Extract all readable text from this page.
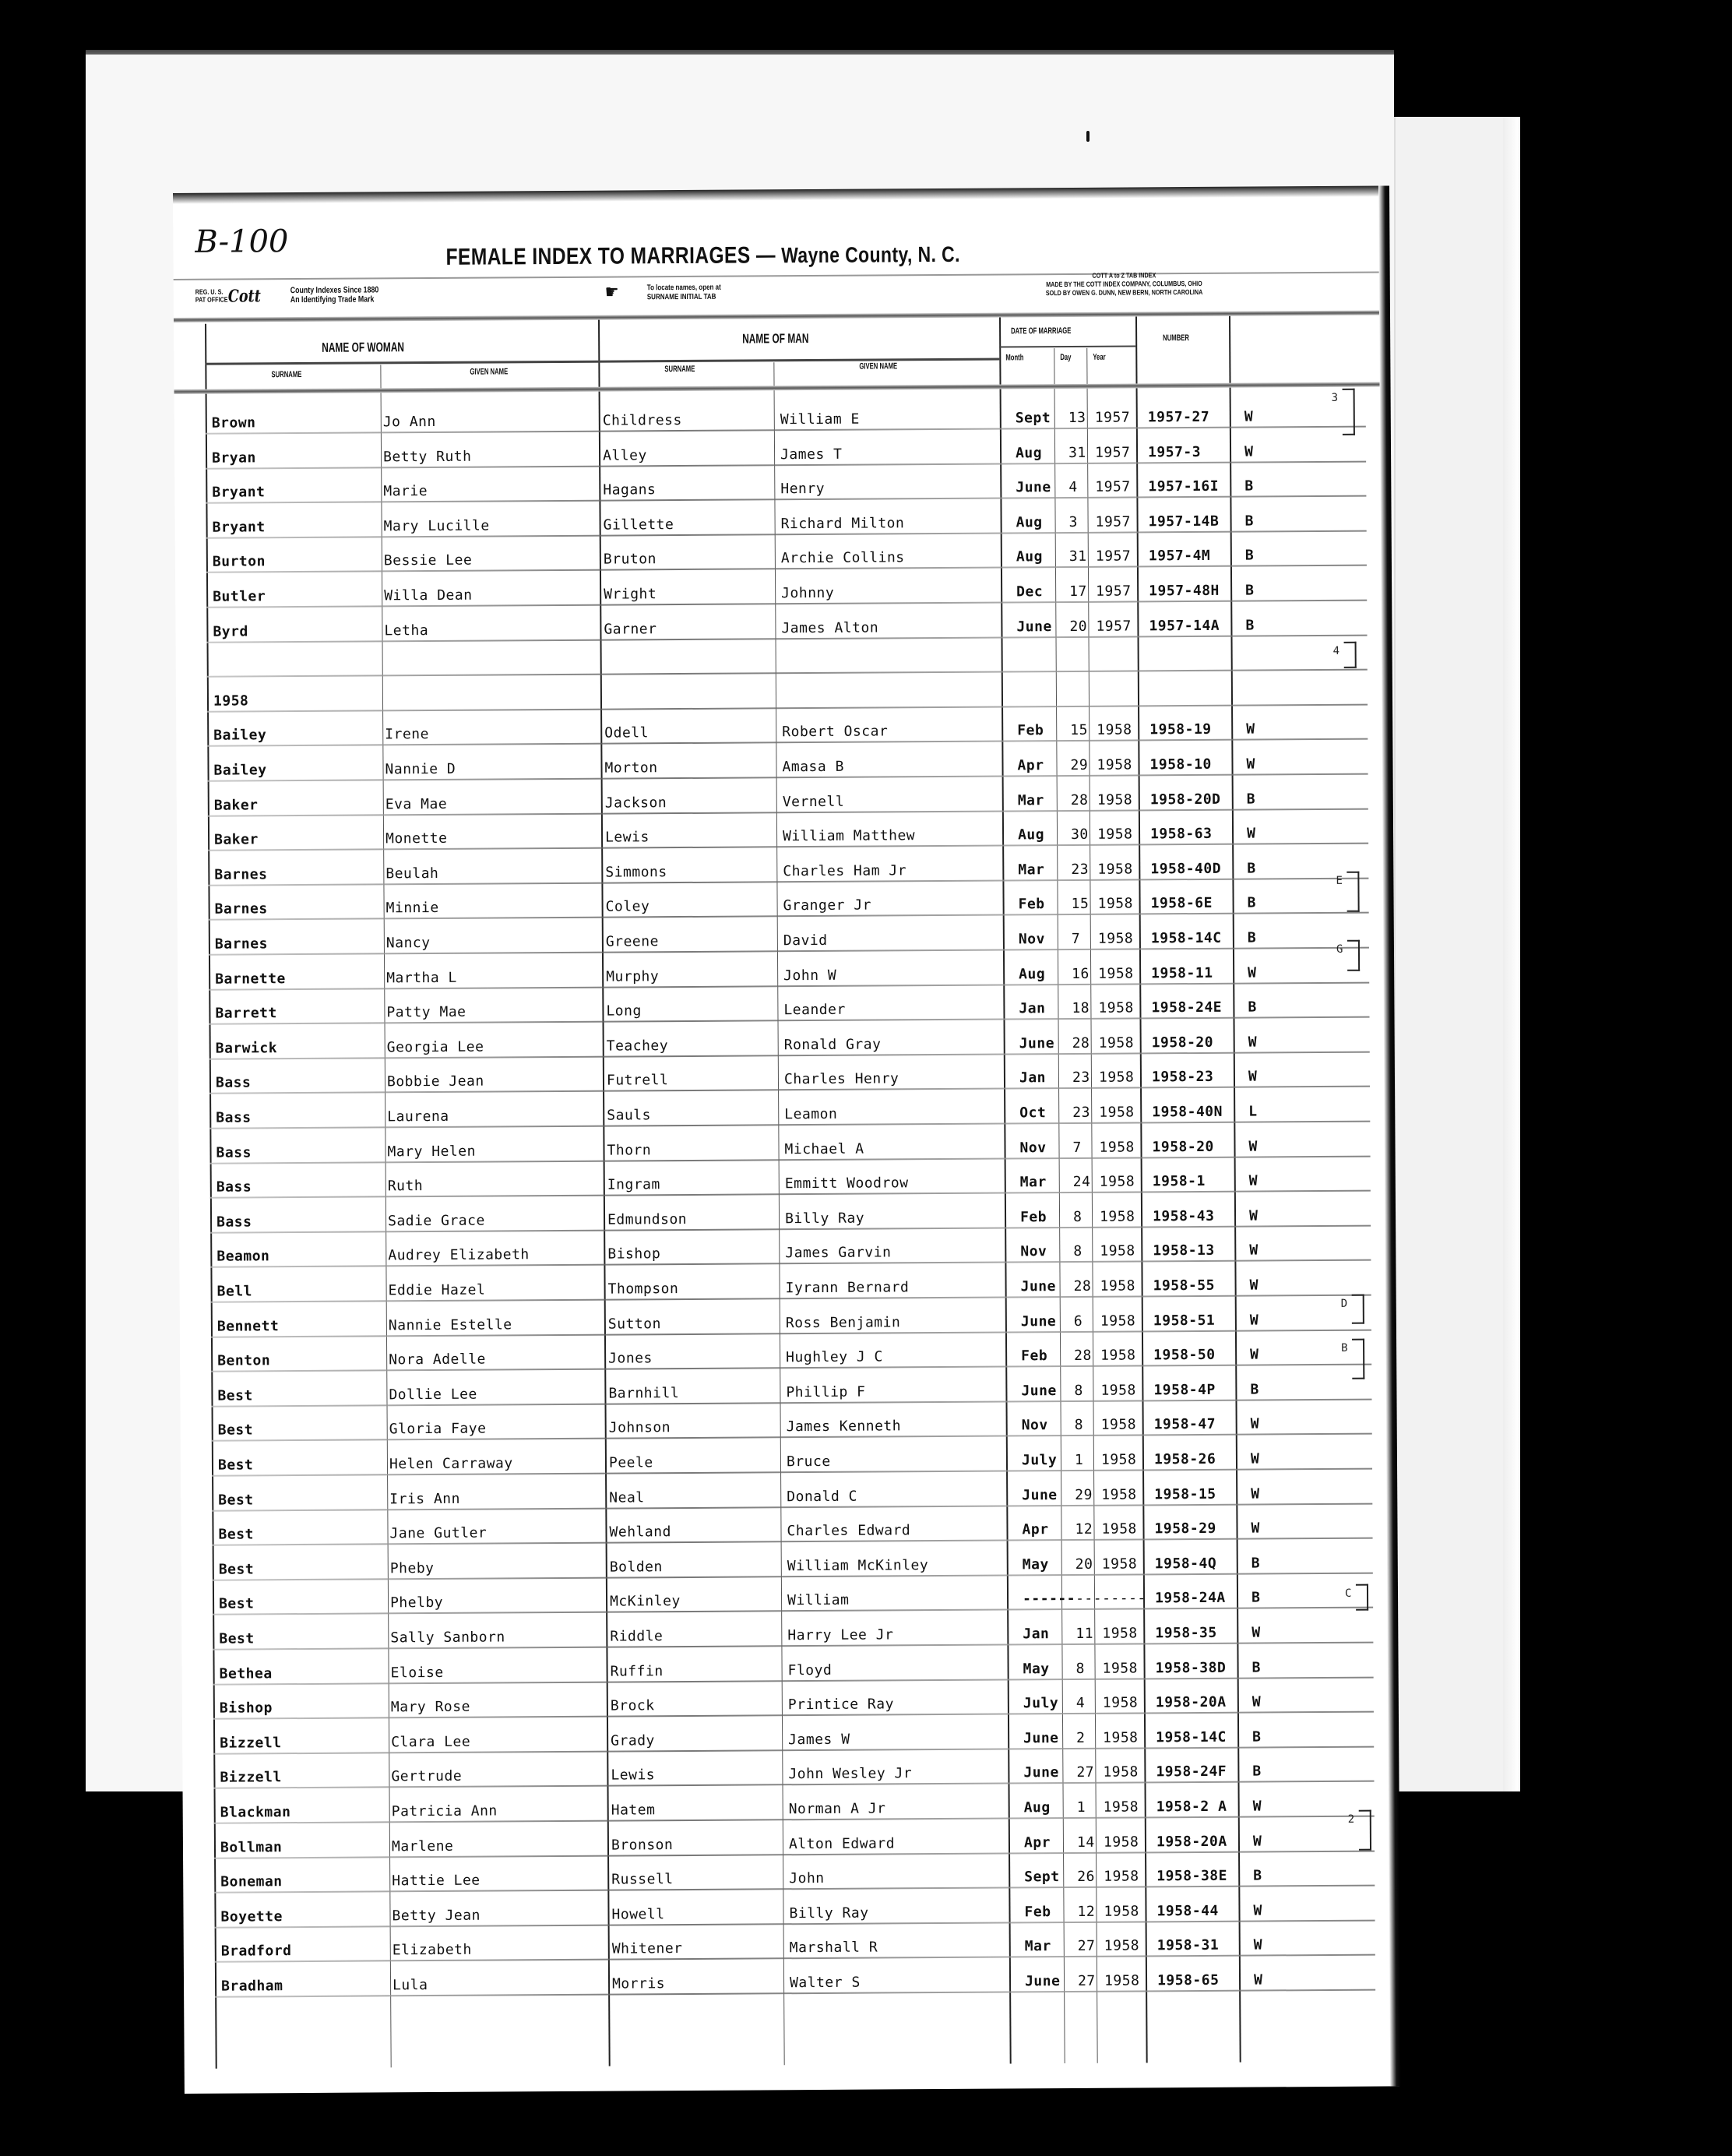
B-100	FEMALE INDEX TO MARRIAGES — Wayne County, N. C.
REG. U. S.
PAT OFFICE Cott	County Indexes Since 1880
An Identifying Trade Mark	☛	To locate names, open at
SURNAME INITIAL TAB
COTT A to Z TAB INDEX
MADE BY THE COTT INDEX COMPANY, COLUMBUS, OHIO
SOLD BY OWEN G. DUNN, NEW BERN, NORTH CAROLINA
NAME OF WOMAN
NAME OF MAN	DATE OF MARRIAGE
NUMBER
SURNAME	GIVEN NAME	SURNAME	GIVEN NAME
Month	Day	Year
Brown	Jo Ann	Childress	William E	Sept 13 1957 1957-27 W
Bryan	Betty Ruth	Alley	James T	Aug 31 1957 1957-3	W
Bryant	Marie	Hagans	Henry	June 4 1957 1957-16I B
Bryant	Mary Lucille	Gillette	Richard Milton	Aug 3 1957 1957-14B B
Burton	Bessie Lee	Bruton	Archie Collins	Aug 31 1957 1957-4M B
Butler	Willa Dean	Wright	Johnny	Dec 17 1957 1957-48H B
Byrd	Letha	Garner	James Alton	June 20 1957 1957-14A B
1958
Bailey	Irene	Odell	Robert Oscar	Feb 15 1958 1958-19 W
Bailey	Nannie D	Morton	Amasa B	Apr 29 1958 1958-10 W
Baker	Eva Mae	Jackson	Vernell	Mar 28 1958 1958-20D B
Baker	Monette	Lewis	William Matthew	Aug 30 1958 1958-63 W
Barnes	Beulah	Simmons	Charles Ham Jr	Mar 23 1958 1958-40D B
Barnes	Minnie	Coley	Granger Jr	Feb 15 1958 1958-6E B
Barnes	Nancy	Greene	David	Nov 7 1958 1958-14C B
Barnette	Martha L	Murphy	John W	Aug 16 1958 1958-11 W
Barrett	Patty Mae	Long	Leander	Jan 18 1958 1958-24E B
Barwick	Georgia Lee	Teachey	Ronald Gray	June 28 1958 1958-20 W
Bass	Bobbie Jean	Futrell	Charles Henry	Jan 23 1958 1958-23 W
Bass	Laurena	Sauls	Leamon	Oct 23 1958 1958-40N L
Bass	Mary Helen	Thorn	Michael A	Nov 7 1958 1958-20 W
Bass	Ruth	Ingram	Emmitt Woodrow	Mar 24 1958 1958-1	W
Bass	Sadie Grace	Edmundson	Billy Ray	Feb 8 1958 1958-43 W
Beamon	Audrey Elizabeth	Bishop	James Garvin	Nov 8 1958 1958-13 W
Bell	Eddie Hazel	Thompson	Iyrann Bernard	June 28 1958 1958-55 W
Bennett	Nannie Estelle	Sutton	Ross Benjamin	June 6 1958 1958-51 W
Benton	Nora Adelle	Jones	Hughley J C	Feb 28 1958 1958-50 W
Best	Dollie Lee	Barnhill	Phillip F	June 8 1958 1958-4P B
Best	Gloria Faye	Johnson	James Kenneth	Nov 8 1958 1958-47 W
Best	Helen Carraway	Peele	Bruce	July 1 1958 1958-26 W
Best	Iris Ann	Neal	Donald C	June 29 1958 1958-15 W
Best	Jane Gutler	Wehland	Charles Edward	Apr 12 1958 1958-29 W
Best	Pheby	Bolden	William McKinley	May 20 1958 1958-4Q B
Best	Phelby	McKinley	William	------ --- ----- 1958-24A B
Best	Sally Sanborn	Riddle	Harry Lee Jr	Jan 11 1958 1958-35 W
Bethea	Eloise	Ruffin	Floyd	May 8 1958 1958-38D B
Bishop	Mary Rose	Brock	Printice Ray	July 4 1958 1958-20A W
Bizzell	Clara Lee	Grady	James W	June 2 1958 1958-14C B
Bizzell	Gertrude	Lewis	John Wesley Jr	June 27 1958 1958-24F B
Blackman	Patricia Ann	Hatem	Norman A Jr	Aug 1 1958 1958-2 A W
Bollman	Marlene	Bronson	Alton Edward	Apr 14 1958 1958-20A W
Boneman	Hattie Lee	Russell	John	Sept 26 1958 1958-38E B
Boyette	Betty Jean	Howell	Billy Ray	Feb 12 1958 1958-44 W
Bradford	Elizabeth	Whitener	Marshall R	Mar 27 1958 1958-31 W
Bradham	Lula	Morris	Walter S	June 27 1958 1958-65 W
3
4
E
G
D
B
C
2
